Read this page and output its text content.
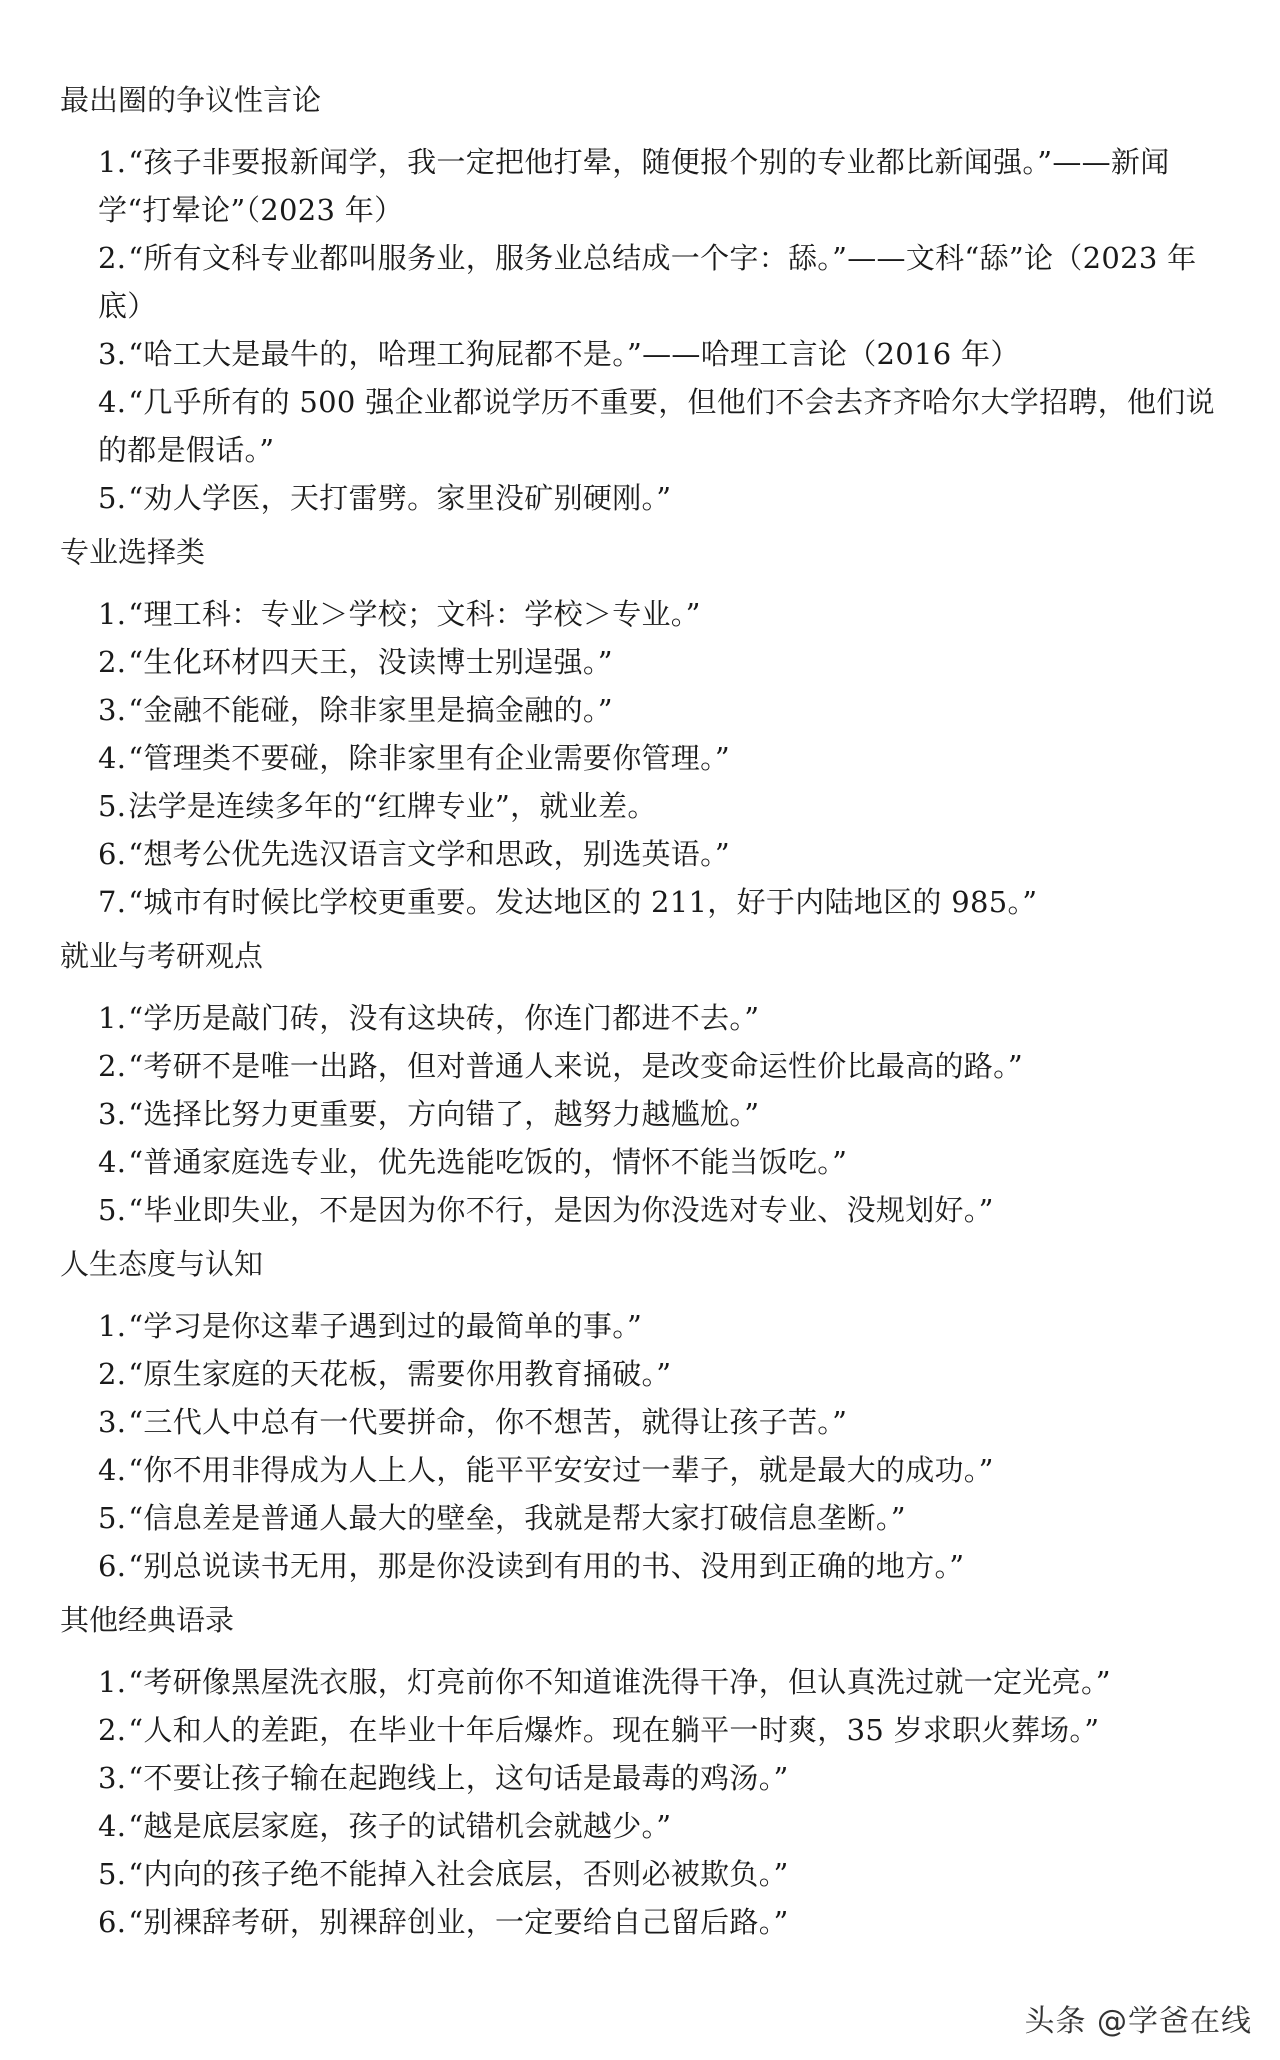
最出圈的争议性言论
1.“孩子非要报新闻学，我一定把他打晕，随便报个别的专业都比新闻强。”——新闻学“打晕论”（2023 年）
2.“所有文科专业都叫服务业，服务业总结成一个字：舔。”——文科“舔”论（2023 年底）
3.“哈工大是最牛的，哈理工狗屁都不是。”——哈理工言论（2016 年）
4.“几乎所有的 500 强企业都说学历不重要，但他们不会去齐齐哈尔大学招聘，他们说的都是假话。”
5.“劝人学医，天打雷劈。家里没矿别硬刚。”
专业选择类
1.“理工科：专业＞学校；文科：学校＞专业。”
2.“生化环材四天王，没读博士别逞强。”
3.“金融不能碰，除非家里是搞金融的。”
4.“管理类不要碰，除非家里有企业需要你管理。”
5.法学是连续多年的“红牌专业”，就业差。
6.“想考公优先选汉语言文学和思政，别选英语。”
7.“城市有时候比学校更重要。发达地区的 211，好于内陆地区的 985。”
就业与考研观点
1.“学历是敲门砖，没有这块砖，你连门都进不去。”
2.“考研不是唯一出路，但对普通人来说，是改变命运性价比最高的路。”
3.“选择比努力更重要，方向错了，越努力越尴尬。”
4.“普通家庭选专业，优先选能吃饭的，情怀不能当饭吃。”
5.“毕业即失业，不是因为你不行，是因为你没选对专业、没规划好。”
人生态度与认知
1.“学习是你这辈子遇到过的最简单的事。”
2.“原生家庭的天花板，需要你用教育捅破。”
3.“三代人中总有一代要拼命，你不想苦，就得让孩子苦。”
4.“你不用非得成为人上人，能平平安安过一辈子，就是最大的成功。”
5.“信息差是普通人最大的壁垒，我就是帮大家打破信息垄断。”
6.“别总说读书无用，那是你没读到有用的书、没用到正确的地方。”
其他经典语录
1.“考研像黑屋洗衣服，灯亮前你不知道谁洗得干净，但认真洗过就一定光亮。”
2.“人和人的差距，在毕业十年后爆炸。现在躺平一时爽，35 岁求职火葬场。”
3.“不要让孩子输在起跑线上，这句话是最毒的鸡汤。”
4.“越是底层家庭，孩子的试错机会就越少。”
5.“内向的孩子绝不能掉入社会底层，否则必被欺负。”
6.“别裸辞考研，别裸辞创业，一定要给自己留后路。”
头条 @学爸在线
